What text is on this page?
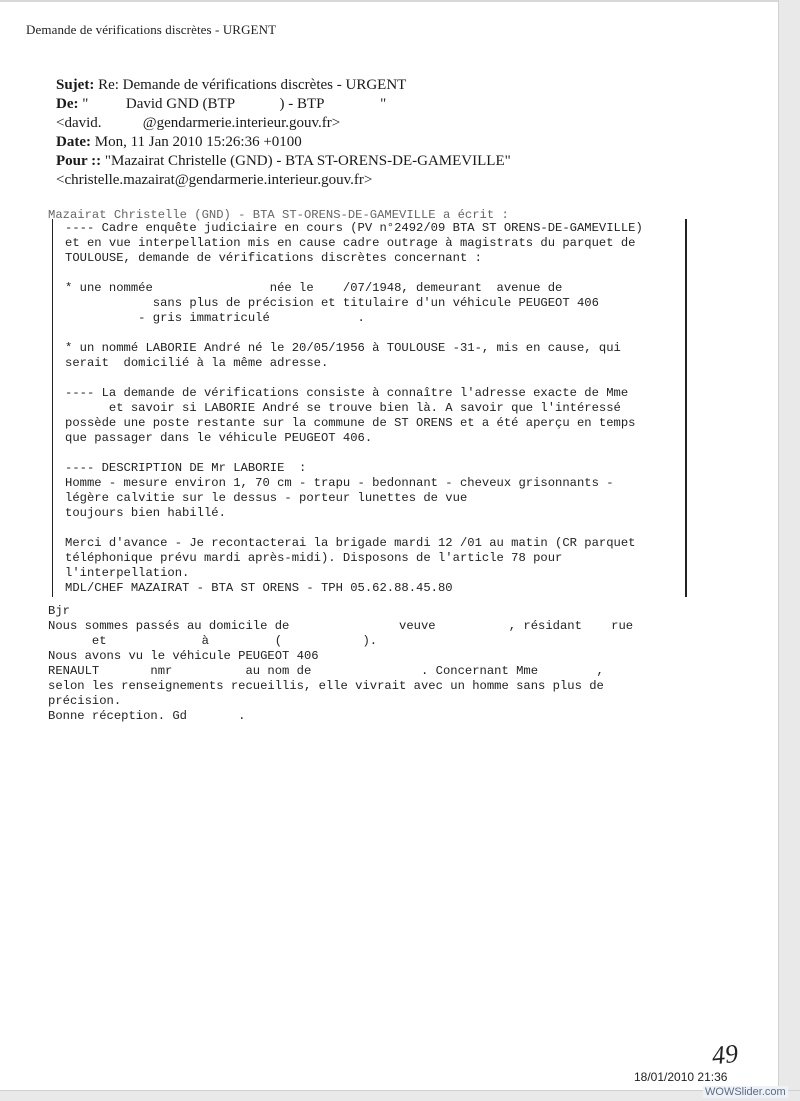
Demande de vérifications discrètes - URGENT
Sujet: Re: Demande de vérifications discrètes - URGENT
De: "          David GND (BTP            ) - BTP               "
<david.           @gendarmerie.interieur.gouv.fr>
Date: Mon, 11 Jan 2010 15:26:36 +0100
Pour :: "Mazairat Christelle (GND) - BTA ST-ORENS-DE-GAMEVILLE"
<christelle.mazairat@gendarmerie.interieur.gouv.fr>
Mazairat Christelle (GND) - BTA ST-ORENS-DE-GAMEVILLE a écrit :
---- Cadre enquête judiciaire en cours (PV n°2492/09 BTA ST ORENS-DE-GAMEVILLE)
et en vue interpellation mis en cause cadre outrage à magistrats du parquet de
TOULOUSE, demande de vérifications discrètes concernant :

* une nommée                née le    /07/1948, demeurant  avenue de
sans plus de précision et titulaire d'un véhicule PEUGEOT 406
- gris immatriculé            .

* un nommé LABORIE André né le 20/05/1956 à TOULOUSE -31-, mis en cause, qui
serait  domicilié à la même adresse.

---- La demande de vérifications consiste à connaître l'adresse exacte de Mme
et savoir si LABORIE André se trouve bien là. A savoir que l'intéressé
possède une poste restante sur la commune de ST ORENS et a été aperçu en temps
que passager dans le véhicule PEUGEOT 406.

---- DESCRIPTION DE Mr LABORIE  :
Homme - mesure environ 1, 70 cm - trapu - bedonnant - cheveux grisonnants -
légère calvitie sur le dessus - porteur lunettes de vue
toujours bien habillé.

Merci d'avance - Je recontacterai la brigade mardi 12 /01 au matin (CR parquet
téléphonique prévu mardi après-midi). Disposons de l'article 78 pour
l'interpellation.
MDL/CHEF MAZAIRAT - BTA ST ORENS - TPH 05.62.88.45.80
Bjr
Nous sommes passés au domicile de               veuve          , résidant    rue
et             à         (           ).
Nous avons vu le véhicule PEUGEOT 406
RENAULT       nmr          au nom de               . Concernant Mme        ,
selon les renseignements recueillis, elle vivrait avec un homme sans plus de
précision.
Bonne réception. Gd       .
49
18/01/2010 21:36
WOWSlider.com
